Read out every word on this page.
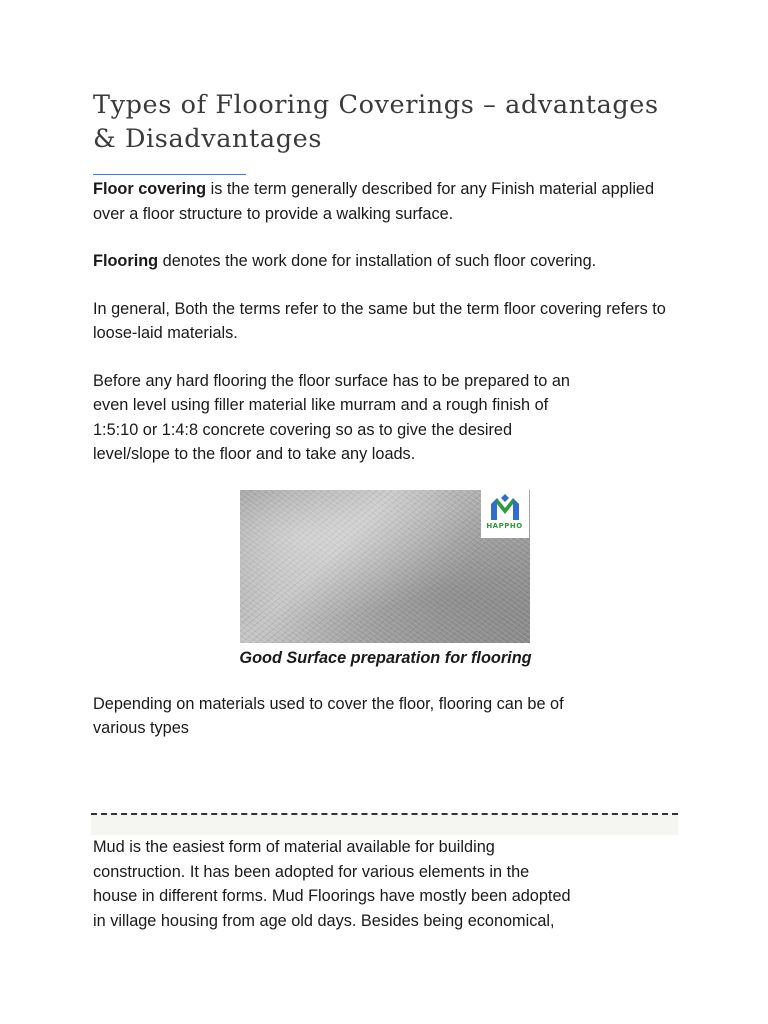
Types of Flooring Coverings – advantages & Disadvantages

Floor covering is the term generally described for any Finish material applied over a floor structure to provide a walking surface.

Flooring denotes the work done for installation of such floor covering.

In general, Both the terms refer to the same but the term floor covering refers to loose-laid materials.

Before any hard flooring the floor surface has to be prepared to an
even level using filler material like murram and a rough finish of
1:5:10 or 1:4:8 concrete covering so as to give the desired
level/slope to the floor and to take any loads.

HAPPHO
Good Surface preparation for flooring

Depending on materials used to cover the floor, flooring can be of
various types

Mud is the easiest form of material available for building
construction. It has been adopted for various elements in the
house in different forms. Mud Floorings have mostly been adopted
in village housing from age old days. Besides being economical,
